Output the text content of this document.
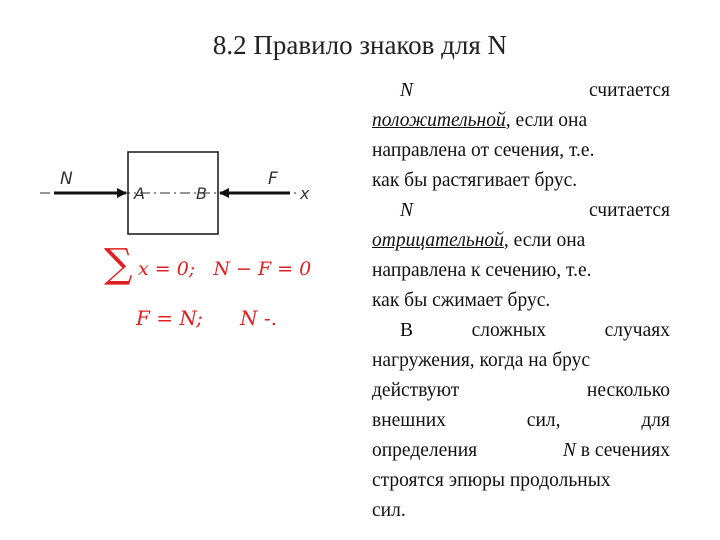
8.2 Правило знаков для N
N
A	B
F
x
∑ x = 0;   N − F = 0
F = N; N -.

N	считается
положительной, если она
направлена от сечения, т.е.
как бы растягивает брус.

N	считается
отрицательной, если она
направлена к сечению, т.е.
как бы сжимает брус.

В	сложных	случаях
нагружения, когда на брус
действуют	несколько
внешних	сил,	для
определения	N в сечениях
строятся эпюры продольных
сил.
